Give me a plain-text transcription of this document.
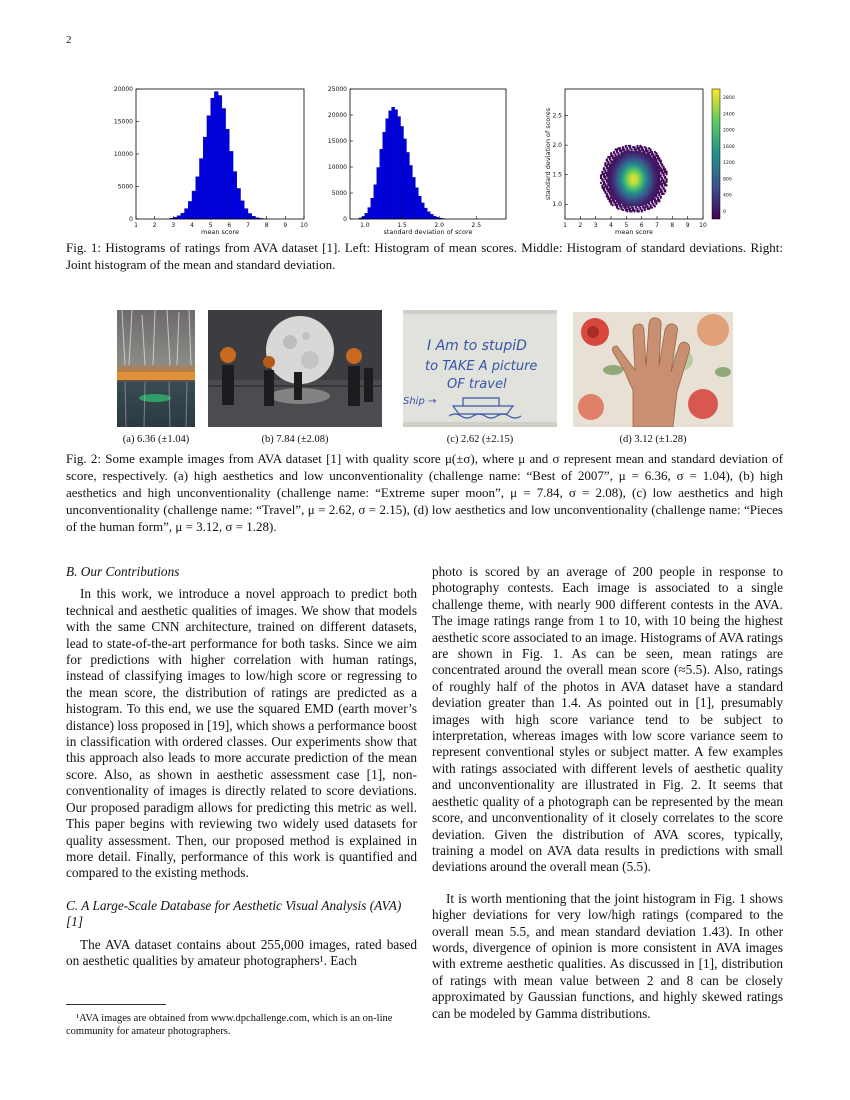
2
1 2 3 4 5 6 7 8 9 10
0
5000
10000
15000
20000
mean score
1.0	1.5	2.0	2.5
0
5000
10000
15000
20000
25000
standard deviation of score
1 2 3 4 5 6 7 8 9 10
1.0
1.5
2.0
2.5
mean score
standard deviation of scores
0
400
800
1200
1600
2000
2400
2800
Fig. 1: Histograms of ratings from AVA dataset [1]. Left: Histogram of mean scores. Middle: Histogram of standard deviations. Right: Joint histogram of the mean and standard deviation.
I Am to stupiD
to TAKE A picture
OF travel
Ship →
(a) 6.36 (±1.04)	(b) 7.84 (±2.08)	(c) 2.62 (±2.15)	(d) 3.12 (±1.28)
Fig. 2: Some example images from AVA dataset [1] with quality score μ(±σ), where μ and σ represent mean and standard deviation of score, respectively. (a) high aesthetics and low unconventionality (challenge name: “Best of 2007”, μ = 6.36, σ = 1.04), (b) high aesthetics and high unconventionality (challenge name: “Extreme super moon”, μ = 7.84, σ = 2.08), (c) low aesthetics and high unconventionality (challenge name: “Travel”, μ = 2.62, σ = 2.15), (d) low aesthetics and low unconventionality (challenge name: “Pieces of the human form”, μ = 3.12, σ = 1.28).
B. Our Contributions

In this work, we introduce a novel approach to predict both technical and aesthetic qualities of images. We show that models with the same CNN architecture, trained on different datasets, lead to state-of-the-art performance for both tasks. Since we aim for predictions with higher correlation with human ratings, instead of classifying images to low/high score or regressing to the mean score, the distribution of ratings are predicted as a histogram. To this end, we use the squared EMD (earth mover’s distance) loss proposed in [19], which shows a performance boost in classification with ordered classes. Our experiments show that this approach also leads to more accurate prediction of the mean score. Also, as shown in aesthetic assessment case [1], non-conventionality of images is directly related to score deviations. Our proposed paradigm allows for predicting this metric as well. This paper begins with reviewing two widely used datasets for quality assessment. Then, our proposed method is explained in more detail. Finally, performance of this work is quantified and compared to the existing methods.

C. A Large-Scale Database for Aesthetic Visual Analysis (AVA) [1]

The AVA dataset contains about 255,000 images, rated based on aesthetic qualities by amateur photographers¹. Each

¹AVA images are obtained from www.dpchallenge.com, which is an on-line community for amateur photographers.

photo is scored by an average of 200 people in response to photography contests. Each image is associated to a single challenge theme, with nearly 900 different contests in the AVA. The image ratings range from 1 to 10, with 10 being the highest aesthetic score associated to an image. Histograms of AVA ratings are shown in Fig. 1. As can be seen, mean ratings are concentrated around the overall mean score (≈5.5). Also, ratings of roughly half of the photos in AVA dataset have a standard deviation greater than 1.4. As pointed out in [1], presumably images with high score variance tend to be subject to interpretation, whereas images with low score variance seem to represent conventional styles or subject matter. A few examples with ratings associated with different levels of aesthetic quality and unconventionality are illustrated in Fig. 2. It seems that aesthetic quality of a photograph can be represented by the mean score, and unconventionality of it closely correlates to the score deviation. Given the distribution of AVA scores, typically, training a model on AVA data results in predictions with small deviations around the overall mean (5.5).

It is worth mentioning that the joint histogram in Fig. 1 shows higher deviations for very low/high ratings (compared to the overall mean 5.5, and mean standard deviation 1.43). In other words, divergence of opinion is more consistent in AVA images with extreme aesthetic qualities. As discussed in [1], distribution of ratings with mean value between 2 and 8 can be closely approximated by Gaussian functions, and highly skewed ratings can be modeled by Gamma distributions.
